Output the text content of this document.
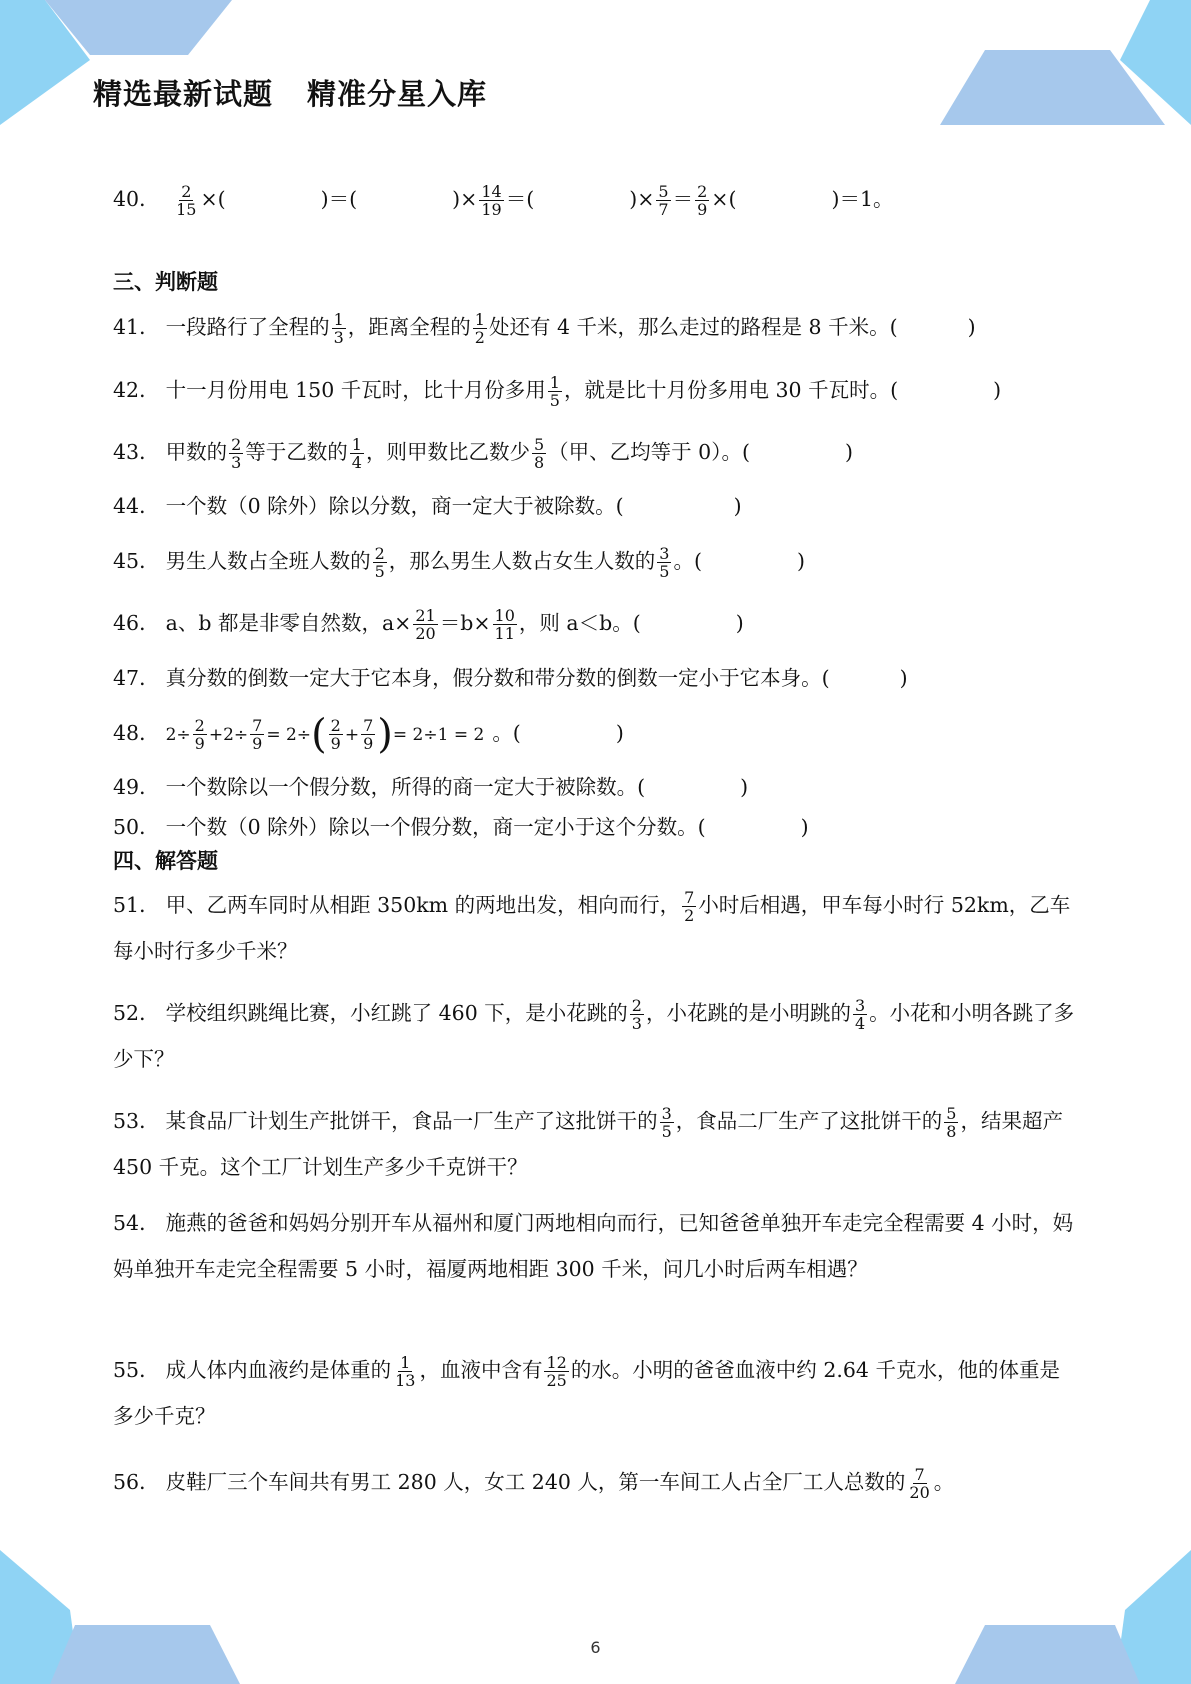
精选最新试题 精准分星入库
40． $\frac{2}{15}$ ×(	)＝(	)× $\frac{14}{19}$ ＝(	)× $\frac{5}{7} = \frac{2}{9}$ ×(	)＝1。
三、判断题
41． 一段路行了全程的 $\frac{1}{3}$ ，距离全程的 $\frac{1}{2}$ 处还有 4 千米，那么走过的路程是 8 千米。(	)
42． 十一月份用电 150 千瓦时，比十月份多用 $\frac{1}{5}$ ，就是比十月份多用电 30 千瓦时。(	)
43． 甲数的 $\frac{2}{3}$ 等于乙数的 $\frac{1}{4}$ ，则甲数比乙数少 $\frac{5}{8}$ （甲、乙均等于 0）。(	)
44． 一个数（0 除外）除以分数，商一定大于被除数。(	)
45． 男生人数占全班人数的 $\frac{2}{5}$ ，那么男生人数占女生人数的 $\frac{3}{5}$ 。(	)
46． a、b 都是非零自然数，$a\times \frac{21}{20} =b\times \frac{10}{11}$ ，则 a＜b。(	)
47． 真分数的倒数一定大于它本身，假分数和带分数的倒数一定小于它本身。(	)
48． $2\div \frac{2}{9} +2\div \frac{7}{9} = 2\div( \frac{2}{9} + \frac{7}{9}$ )= 2÷1 = 2 。(	)
49． 一个数除以一个假分数，所得的商一定大于被除数。(	)
50． 一个数（0 除外）除以一个假分数，商一定小于这个分数。(	)
四、解答题
51． 甲、乙两车同时从相距 350km 的两地出发，相向而行， $\frac{7}{2}$ 小时后相遇，甲车每小时行 52km，乙车每小时行多少千米？
52． 学校组织跳绳比赛，小红跳了 460 下，是小花跳的 $\frac{2}{3}$ ，小花跳的是小明跳的 $\frac{3}{4}$ 。小花和小明各跳了多少下？
53． 某食品厂计划生产批饼干，食品一厂生产了这批饼干的 $\frac{3}{5}$ ，食品二厂生产了这批饼干的 $\frac{5}{8}$ ，结果超产 450 千克。这个工厂计划生产多少千克饼干？
54． 施燕的爸爸和妈妈分别开车从福州和厦门两地相向而行，已知爸爸单独开车走完全程需要 4 小时，妈妈单独开车走完全程需要 5 小时，福厦两地相距 300 千米，问几小时后两车相遇？
55． 成人体内血液约是体重的 $\frac{1}{13}$ ，血液中含有 $\frac{12}{25}$ 的水。小明的爸爸血液中约 2.64 千克水，他的体重是多少千克？
56． 皮鞋厂三个车间共有男工 280 人，女工 240 人，第一车间工人占全厂工人总数的 $\frac{7}{20}$ 。
6
